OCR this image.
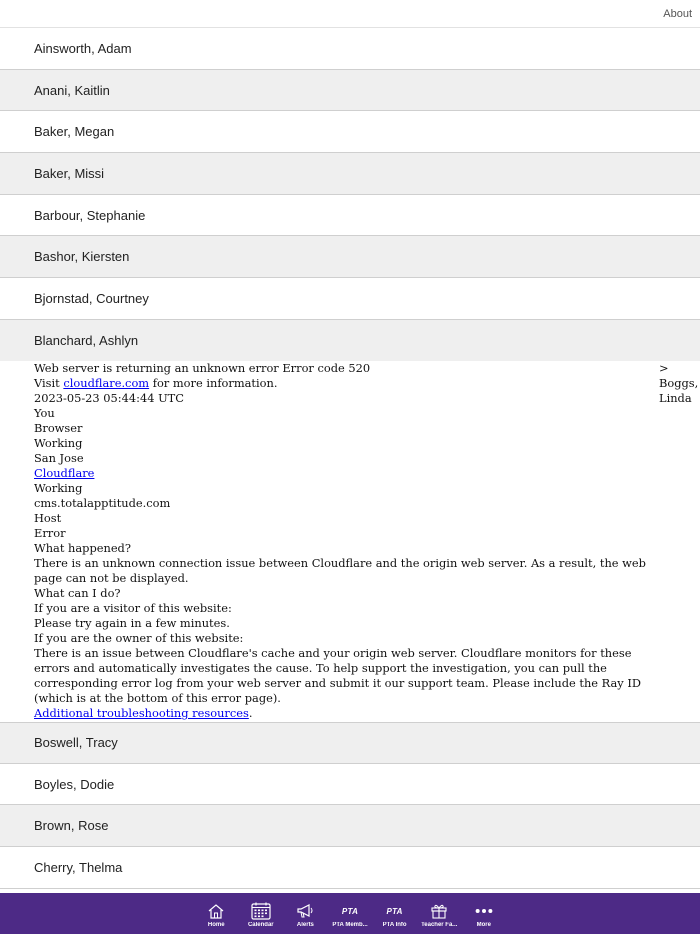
About
Ainsworth, Adam
Anani, Kaitlin
Baker, Megan
Baker, Missi
Barbour, Stephanie
Bashor, Kiersten
Bjornstad, Courtney
Blanchard, Ashlyn
Web server is returning an unknown error Error code 520
Visit cloudflare.com for more information.
2023-05-23 05:44:44 UTC
You
Browser
Working
San Jose
Cloudflare
Working
cms.totalapptitude.com
Host
Error
What happened?
There is an unknown connection issue between Cloudflare and the origin web server. As a result, the web page can not be displayed.
What can I do?
If you are a visitor of this website:
Please try again in a few minutes.
If you are the owner of this website:
There is an issue between Cloudflare's cache and your origin web server. Cloudflare monitors for these errors and automatically investigates the cause. To help support the investigation, you can pull the corresponding error log from your web server and submit it our support team. Please include the Ray ID (which is at the bottom of this error page).
Additional troubleshooting resources.
>
Boggs,
Linda
Boswell, Tracy
Boyles, Dodie
Brown, Rose
Cherry, Thelma
Home	Calendar	Alerts
PTA
PTA Memb...
PTA
PTA Info Teacher Fa...	More
